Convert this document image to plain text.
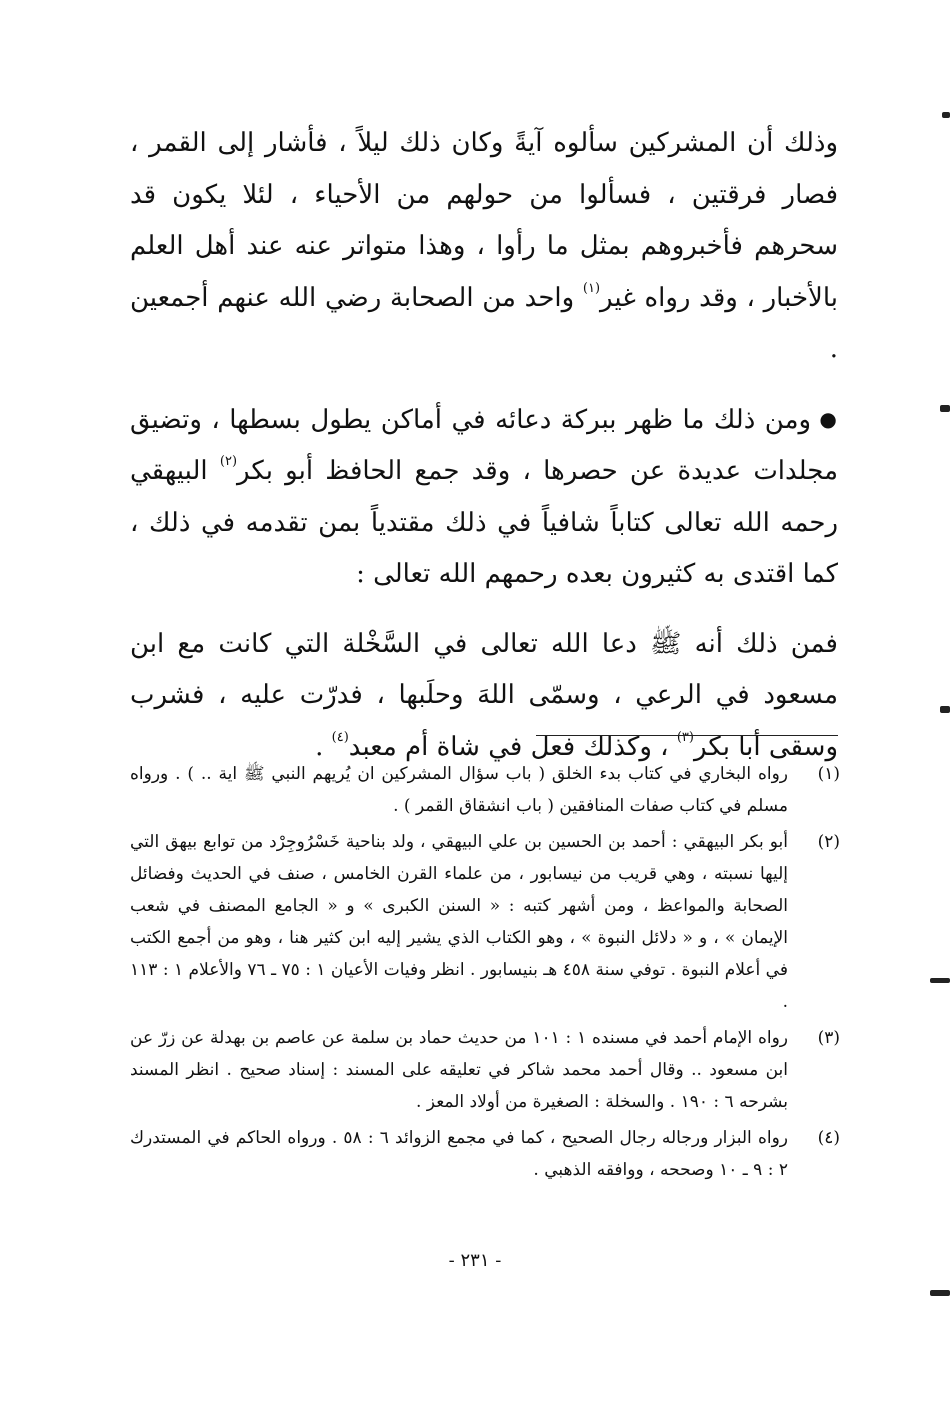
وذلك أن المشركين سألوه آيةً وكان ذلك ليلاً ، فأشار إلى القمر ، فصار فرقتين ، فسألوا من حولهم من الأحياء ، لئلا يكون قد سحرهم فأخبروهم بمثل ما رأوا ، وهذا متواتر عنه عند أهل العلم بالأخبار ، وقد رواه غير$^{(١)}$ واحد من الصحابة رضي الله عنهم أجمعين .

● ومن ذلك ما ظهر ببركة دعائه في أماكن يطول بسطها ، وتضيق مجلدات عديدة عن حصرها ، وقد جمع الحافظ أبو بكر$^{(٢)}$ البيهقي رحمه الله تعالى كتاباً شافياً في ذلك مقتدياً بمن تقدمه في ذلك ، كما اقتدى به كثيرون بعده رحمهم الله تعالى :

فمن ذلك أنه ﷺ دعا الله تعالى في السَّخْلة التي كانت مع ابن مسعود في الرعي ، وسمّى اللهَ وحلَبها ، فدرّت عليه ، فشرب وسقى أبا بكر$^{(٣)}$ ، وكذلك فعل في شاة أم معبد$^{(٤)}$ .

(١)
رواه البخاري في كتاب بدء الخلق ( باب سؤال المشركين ان يُريهم النبي ﷺ اية .. ) . ورواه مسلم في كتاب صفات المنافقين ( باب انشقاق القمر ) .
(٢)
أبو بكر البيهقي : أحمد بن الحسين بن علي البيهقي ، ولد بناحية خَسْرُوجِرْد من توابع بيهق التي إليها نسبته ، وهي قريب من نيسابور ، من علماء القرن الخامس ، صنف في الحديث وفضائل الصحابة والمواعظ ، ومن أشهر كتبه : « السنن الكبرى » و « الجامع المصنف في شعب الإيمان » ، و « دلائل النبوة » ، وهو الكتاب الذي يشير إليه ابن كثير هنا ، وهو من أجمع الكتب في أعلام النبوة . توفي سنة ٤٥٨ هـ بنيسابور . انظر وفيات الأعيان ١ : ٧٥ ـ ٧٦ والأعلام ١ : ١١٣ .
(٣)
رواه الإمام أحمد في مسنده ١ : ١٠١ من حديث حماد بن سلمة عن عاصم بن بهدلة عن زرّ عن ابن مسعود .. وقال أحمد محمد شاكر في تعليقه على المسند : إسناد صحيح . انظر المسند بشرحه ٦ : ١٩٠ . والسخلة : الصغيرة من أولاد المعز .
(٤)
رواه البزار ورجاله رجال الصحيح ، كما في مجمع الزوائد ٦ : ٥٨ . ورواه الحاكم في المستدرك ٢ : ٩ ـ ١٠ وصححه ، ووافقه الذهبي .
- ٢٣١ -
